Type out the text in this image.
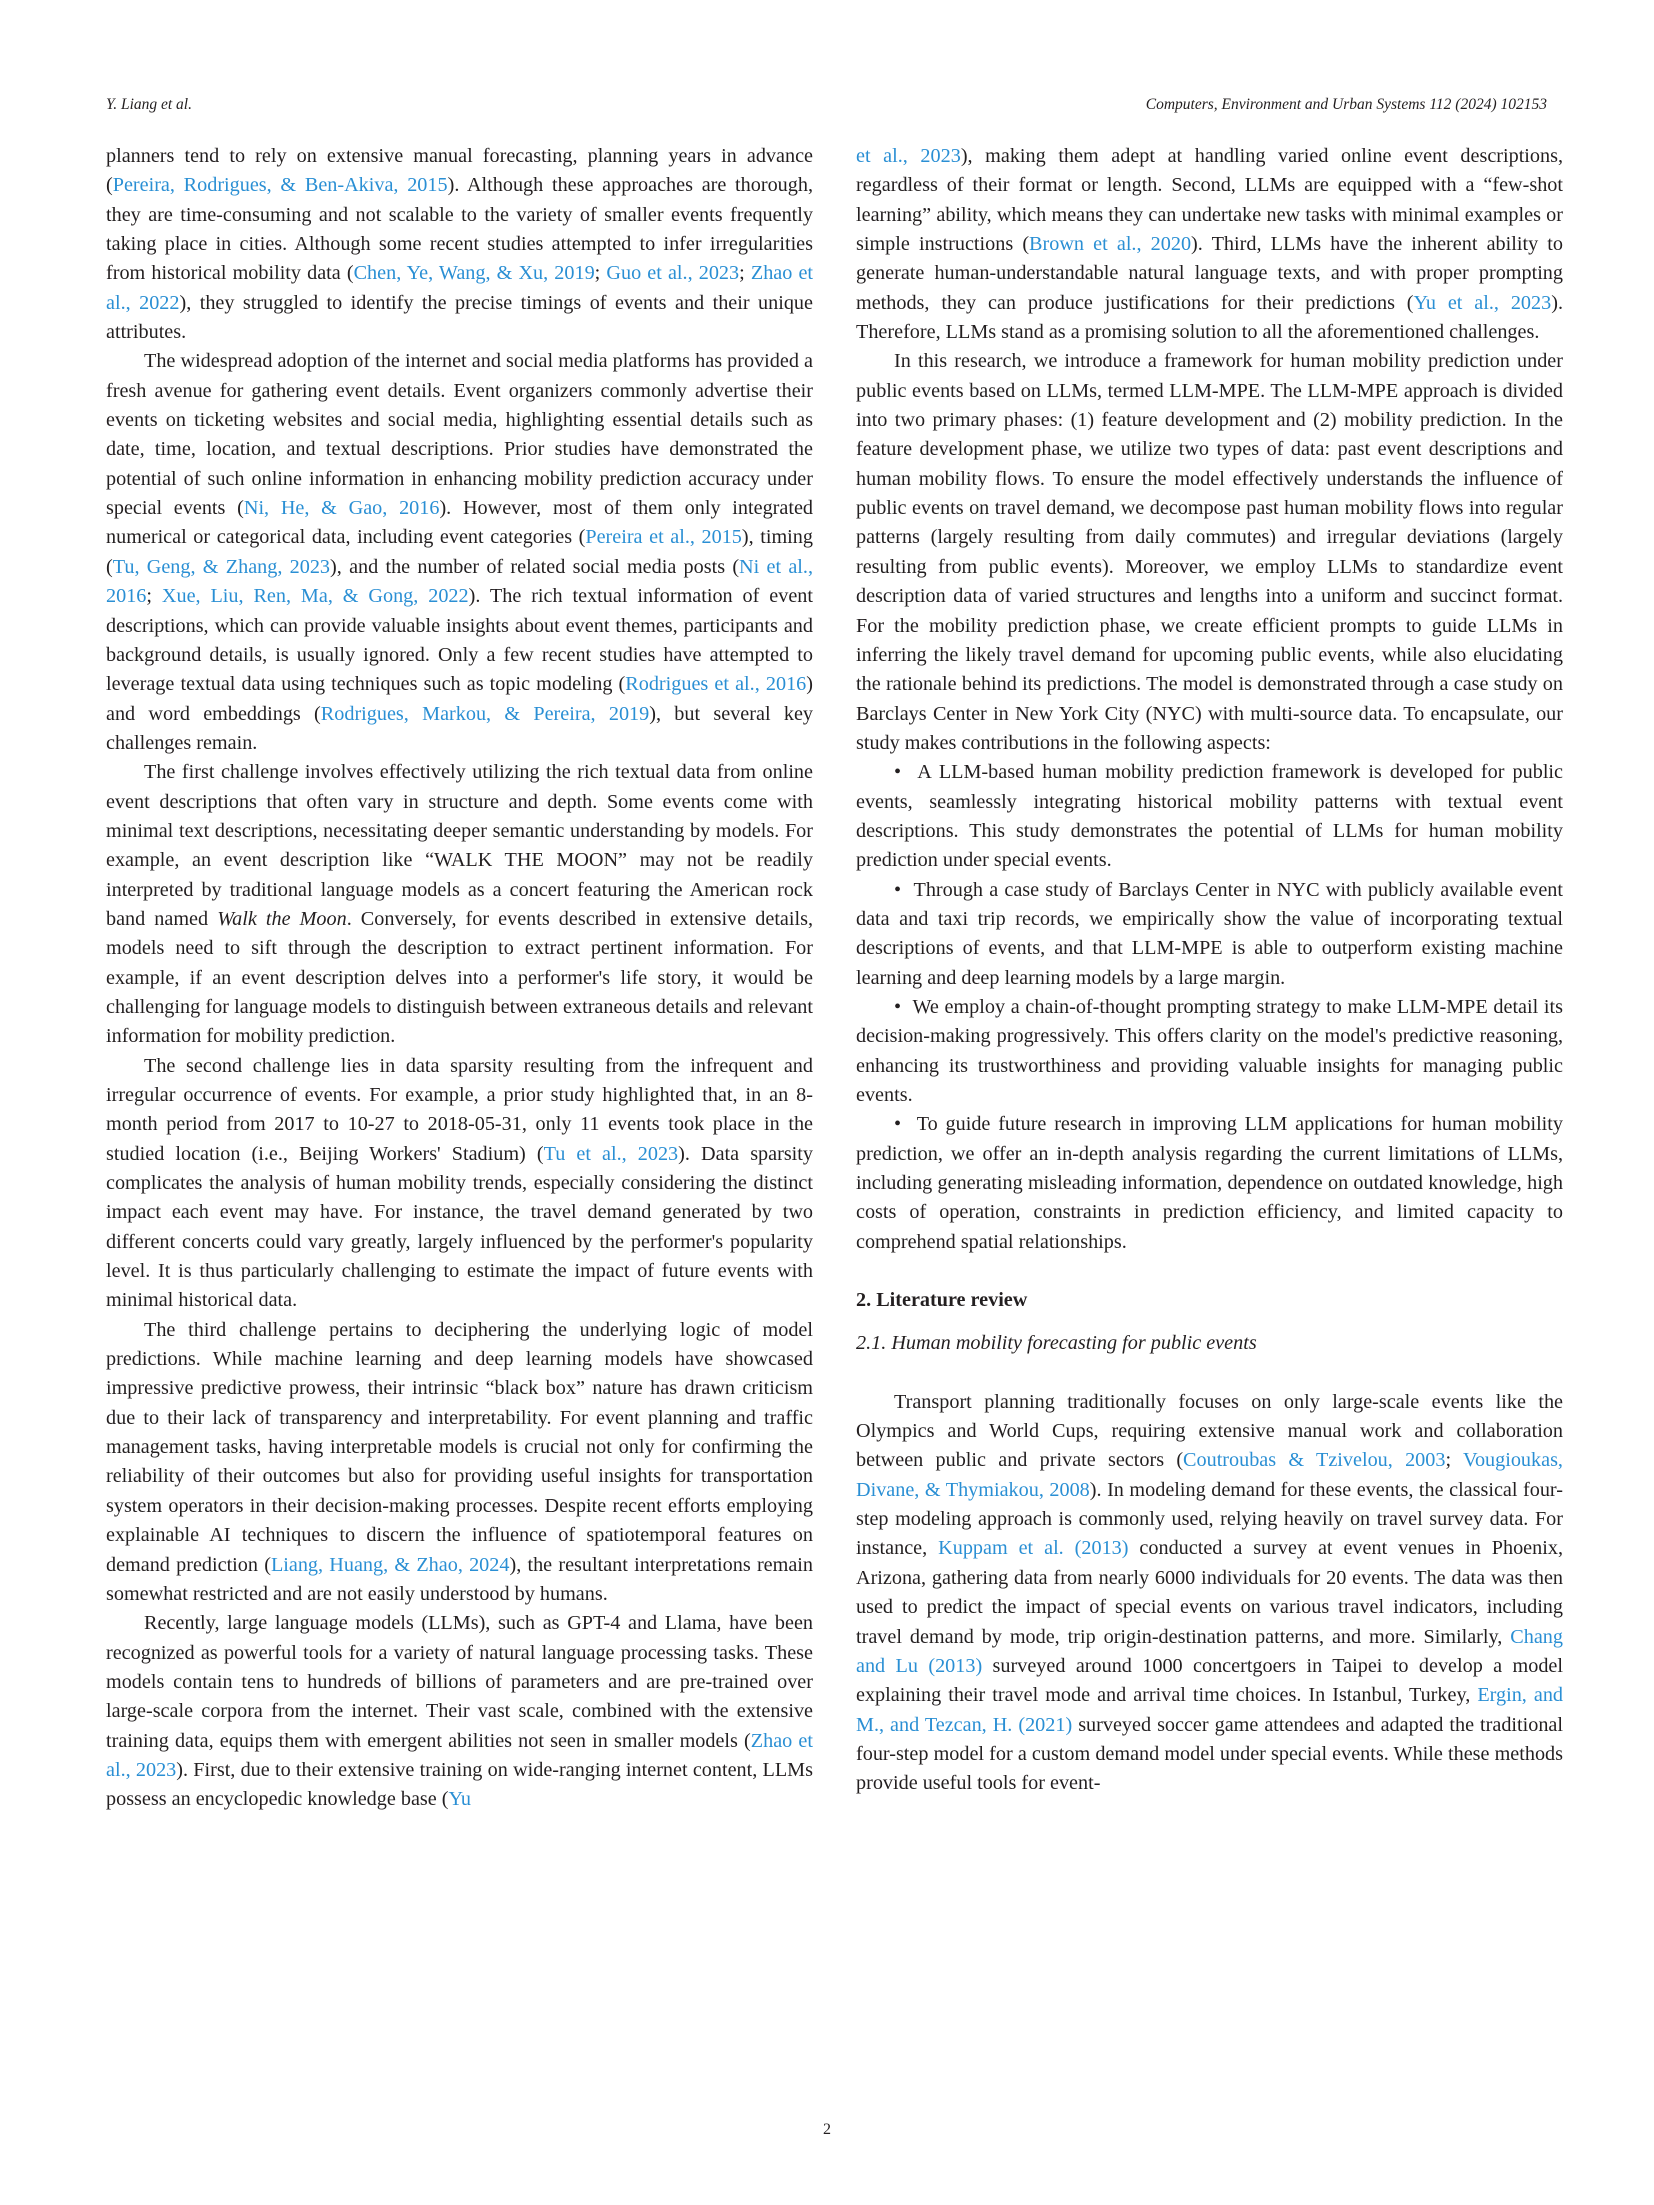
Y. Liang et al.	Computers, Environment and Urban Systems 112 (2024) 102153

planners tend to rely on extensive manual forecasting, planning years in advance (Pereira, Rodrigues, & Ben-Akiva, 2015). Although these approaches are thorough, they are time-consuming and not scalable to the variety of smaller events frequently taking place in cities. Although some recent studies attempted to infer irregularities from historical mobility data (Chen, Ye, Wang, & Xu, 2019; Guo et al., 2023; Zhao et al., 2022), they struggled to identify the precise timings of events and their unique attributes.

The widespread adoption of the internet and social media platforms has provided a fresh avenue for gathering event details. Event organizers commonly advertise their events on ticketing websites and social media, highlighting essential details such as date, time, location, and textual descriptions. Prior studies have demonstrated the potential of such online information in enhancing mobility prediction accuracy under special events (Ni, He, & Gao, 2016). However, most of them only integrated numerical or categorical data, including event categories (Pereira et al., 2015), timing (Tu, Geng, & Zhang, 2023), and the number of related social media posts (Ni et al., 2016; Xue, Liu, Ren, Ma, & Gong, 2022). The rich textual information of event descriptions, which can provide valuable insights about event themes, participants and background details, is usually ignored. Only a few recent studies have attempted to leverage textual data using techniques such as topic modeling (Rodrigues et al., 2016) and word embeddings (Rodrigues, Markou, & Pereira, 2019), but several key challenges remain.

The first challenge involves effectively utilizing the rich textual data from online event descriptions that often vary in structure and depth. Some events come with minimal text descriptions, necessitating deeper semantic understanding by models. For example, an event description like “WALK THE MOON” may not be readily interpreted by traditional language models as a concert featuring the American rock band named Walk the Moon. Conversely, for events described in extensive details, models need to sift through the description to extract pertinent information. For example, if an event description delves into a performer's life story, it would be challenging for language models to distinguish between extraneous details and relevant information for mobility prediction.

The second challenge lies in data sparsity resulting from the infrequent and irregular occurrence of events. For example, a prior study highlighted that, in an 8-month period from 2017 to 10-27 to 2018-05-31, only 11 events took place in the studied location (i.e., Beijing Workers' Stadium) (Tu et al., 2023). Data sparsity complicates the analysis of human mobility trends, especially considering the distinct impact each event may have. For instance, the travel demand generated by two different concerts could vary greatly, largely influenced by the performer's popularity level. It is thus particularly challenging to estimate the impact of future events with minimal historical data.

The third challenge pertains to deciphering the underlying logic of model predictions. While machine learning and deep learning models have showcased impressive predictive prowess, their intrinsic “black box” nature has drawn criticism due to their lack of transparency and interpretability. For event planning and traffic management tasks, having interpretable models is crucial not only for confirming the reliability of their outcomes but also for providing useful insights for transportation system operators in their decision-making processes. Despite recent efforts employing explainable AI techniques to discern the influence of spatiotemporal features on demand prediction (Liang, Huang, & Zhao, 2024), the resultant interpretations remain somewhat restricted and are not easily understood by humans.

Recently, large language models (LLMs), such as GPT-4 and Llama, have been recognized as powerful tools for a variety of natural language processing tasks. These models contain tens to hundreds of billions of parameters and are pre-trained over large-scale corpora from the internet. Their vast scale, combined with the extensive training data, equips them with emergent abilities not seen in smaller models (Zhao et al., 2023). First, due to their extensive training on wide-ranging internet content, LLMs possess an encyclopedic knowledge base (Yu

et al., 2023), making them adept at handling varied online event descriptions, regardless of their format or length. Second, LLMs are equipped with a “few-shot learning” ability, which means they can undertake new tasks with minimal examples or simple instructions (Brown et al., 2020). Third, LLMs have the inherent ability to generate human-understandable natural language texts, and with proper prompting methods, they can produce justifications for their predictions (Yu et al., 2023). Therefore, LLMs stand as a promising solution to all the aforementioned challenges.

In this research, we introduce a framework for human mobility prediction under public events based on LLMs, termed LLM-MPE. The LLM-MPE approach is divided into two primary phases: (1) feature development and (2) mobility prediction. In the feature development phase, we utilize two types of data: past event descriptions and human mobility flows. To ensure the model effectively understands the influence of public events on travel demand, we decompose past human mobility flows into regular patterns (largely resulting from daily commutes) and irregular deviations (largely resulting from public events). Moreover, we employ LLMs to standardize event description data of varied structures and lengths into a uniform and succinct format. For the mobility prediction phase, we create efficient prompts to guide LLMs in inferring the likely travel demand for upcoming public events, while also elucidating the rationale behind its predictions. The model is demonstrated through a case study on Barclays Center in New York City (NYC) with multi-source data. To encapsulate, our study makes contributions in the following aspects:

• A LLM-based human mobility prediction framework is developed for public events, seamlessly integrating historical mobility patterns with textual event descriptions. This study demonstrates the potential of LLMs for human mobility prediction under special events.

• Through a case study of Barclays Center in NYC with publicly available event data and taxi trip records, we empirically show the value of incorporating textual descriptions of events, and that LLM-MPE is able to outperform existing machine learning and deep learning models by a large margin.

• We employ a chain-of-thought prompting strategy to make LLM-MPE detail its decision-making progressively. This offers clarity on the model's predictive reasoning, enhancing its trustworthiness and providing valuable insights for managing public events.

• To guide future research in improving LLM applications for human mobility prediction, we offer an in-depth analysis regarding the current limitations of LLMs, including generating misleading information, dependence on outdated knowledge, high costs of operation, constraints in prediction efficiency, and limited capacity to comprehend spatial relationships.

2. Literature review

2.1. Human mobility forecasting for public events

Transport planning traditionally focuses on only large-scale events like the Olympics and World Cups, requiring extensive manual work and collaboration between public and private sectors (Coutroubas & Tzivelou, 2003; Vougioukas, Divane, & Thymiakou, 2008). In modeling demand for these events, the classical four-step modeling approach is commonly used, relying heavily on travel survey data. For instance, Kuppam et al. (2013) conducted a survey at event venues in Phoenix, Arizona, gathering data from nearly 6000 individuals for 20 events. The data was then used to predict the impact of special events on various travel indicators, including travel demand by mode, trip origin-destination patterns, and more. Similarly, Chang and Lu (2013) surveyed around 1000 concertgoers in Taipei to develop a model explaining their travel mode and arrival time choices. In Istanbul, Turkey, Ergin, and M., and Tezcan, H. (2021) surveyed soccer game attendees and adapted the traditional four-step model for a custom demand model under special events. While these methods provide useful tools for event-

2
